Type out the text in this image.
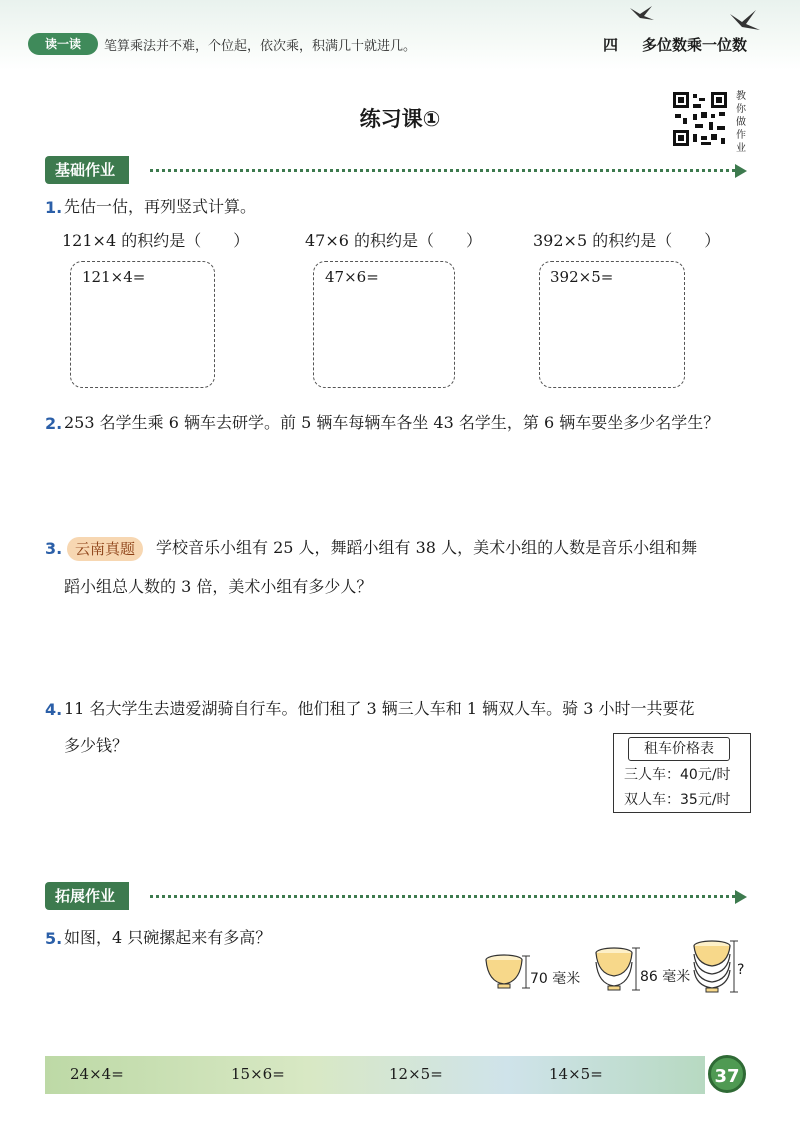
读一读	笔算乘法并不难，个位起，依次乘，积满几十就进几。	四 多位数乘一位数
练习课①
教
你
做
作
业
基础作业
1. 先估一估，再列竖式计算。
121×4 的积约是（　　）	47×6 的积约是（　　）	392×5 的积约是（　　）
121×4=	47×6=	392×5=
2. 253 名学生乘 6 辆车去研学。前 5 辆车每辆车各坐 43 名学生，第 6 辆车要坐多少名学生？
3. 云南真题	学校音乐小组有 25 人，舞蹈小组有 38 人，美术小组的人数是音乐小组和舞
蹈小组总人数的 3 倍，美术小组有多少人？
4. 11 名大学生去遗爱湖骑自行车。他们租了 3 辆三人车和 1 辆双人车。骑 3 小时一共要花
多少钱？	租车价格表
三人车：40元/时
双人车：35元/时
拓展作业
5. 如图，4 只碗摞起来有多高？
70 毫米	86 毫米	?
24×4=	15×6=	12×5=	14×5=	37
